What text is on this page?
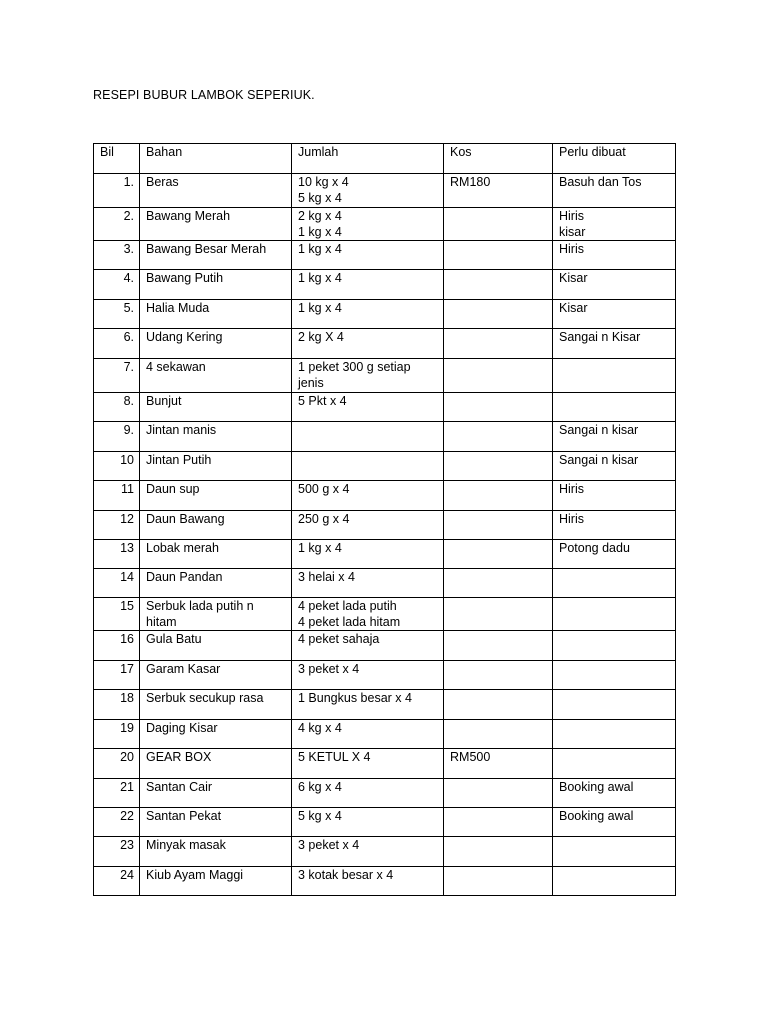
RESEPI BUBUR LAMBOK SEPERIUK.
Bil	Bahan	Jumlah	Kos	Perlu dibuat
1.	Beras	10 kg x 4
5 kg x 4	RM180	Basuh dan Tos

2.	Bawang Merah	2 kg x 4
1 kg x 4		Hiris
kisar

3.	Bawang Besar Merah	1 kg x 4		Hiris

4.	Bawang Putih	1 kg x 4		Kisar

5.	Halia Muda	1 kg x 4		Kisar

6.	Udang Kering	2 kg X 4		Sangai n Kisar

7.	4 sekawan	1 peket 300 g setiap
jenis		

8.	Bunjut	5 Pkt x 4		

9.	Jintan manis			Sangai n kisar

10	Jintan Putih			Sangai n kisar

11	Daun sup	500 g x 4		Hiris

12	Daun Bawang	250 g x 4		Hiris

13	Lobak merah	1 kg x 4		Potong dadu

14	Daun Pandan	3 helai x 4		

15	Serbuk lada putih n hitam	4 peket lada putih
4 peket lada hitam		

16	Gula Batu	4 peket sahaja		

17	Garam Kasar	3 peket x 4		

18	Serbuk secukup rasa	1 Bungkus besar x 4		

19	Daging Kisar	4 kg x 4		

20	GEAR BOX	5 KETUL X 4	RM500	
21	Santan Cair	6 kg x 4		Booking awal

22	Santan Pekat	5 kg x 4		Booking awal

23	Minyak masak	3 peket x 4		

24	Kiub Ayam Maggi	3 kotak besar x 4		
